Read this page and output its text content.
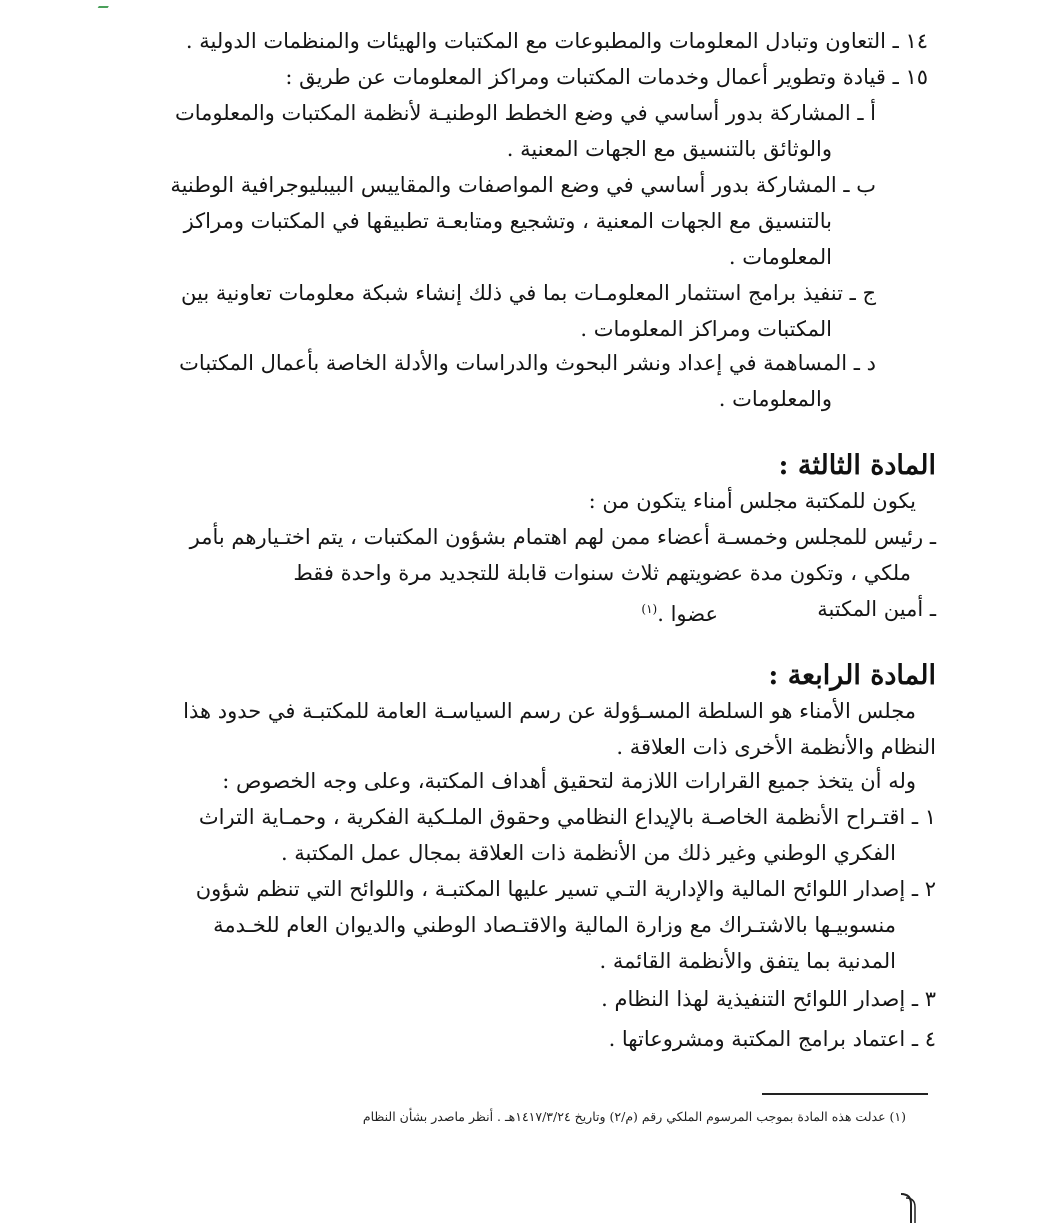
١٤ ـ التعاون وتبادل المعلومات والمطبوعات مع المكتبات والهيئات والمنظمات الدولية .
١٥ ـ قيادة وتطوير أعمال وخدمات المكتبات ومراكز المعلومات عن طريق :
أ ـ المشاركة بدور أساسي في وضع الخطط الوطنيـة لأنظمة المكتبات والمعلومات
والوثائق بالتنسيق مع الجهات المعنية .
ب ـ المشاركة بدور أساسي في وضع المواصفات والمقاييس البيبليوجرافية الوطنية
بالتنسيق مع الجهات المعنية ، وتشجيع ومتابعـة تطبيقها في المكتبات ومراكز
المعلومات .
ج ـ تنفيذ برامج استثمار المعلومـات بما في ذلك إنشاء شبكة معلومات تعاونية بين
المكتبات ومراكز المعلومات .
د ـ المساهمة في إعداد ونشر البحوث والدراسات والأدلة الخاصة بأعمال المكتبات
والمعلومات .
المادة الثالثة :
يكون للمكتبة مجلس أمناء يتكون من :
ـ رئيس للمجلس وخمسـة أعضاء ممن لهم اهتمام بشؤون المكتبات ، يتم اختـيارهم بأمر
ملكي ، وتكون مدة عضويتهم ثلاث سنوات قابلة للتجديد مرة واحدة فقط
ـ أمين المكتبة
عضوا .$^{(١)}$
المادة الرابعة :
مجلس الأمناء هو السلطة المسـؤولة عن رسم السياسـة العامة للمكتبـة في حدود هذا
النظام والأنظمة الأخرى ذات العلاقة .
وله أن يتخذ جميع القرارات اللازمة لتحقيق أهداف المكتبة، وعلى وجه الخصوص :
١ ـ اقتـراح الأنظمة الخاصـة بالإيداع النظامي وحقوق الملـكية الفكرية ، وحمـاية التراث
الفكري الوطني وغير ذلك من الأنظمة ذات العلاقة بمجال عمل المكتبة .
٢ ـ إصدار اللوائح المالية والإدارية التـي تسير عليها المكتبـة ، واللوائح التي تنظم شؤون
منسوبيـها بالاشتـراك مع وزارة المالية والاقتـصاد الوطني والديوان العام للخـدمة
المدنية بما يتفق والأنظمة القائمة .
٣ ـ إصدار اللوائح التنفيذية لهذا النظام .
٤ ـ اعتماد برامج المكتبة ومشروعاتها .
(١) عدلت هذه المادة بموجب المرسوم الملكي رقم (م/٢) وتاريخ ١٤١٧/٣/٢٤هـ . أنظر ماصدر بشأن النظام
